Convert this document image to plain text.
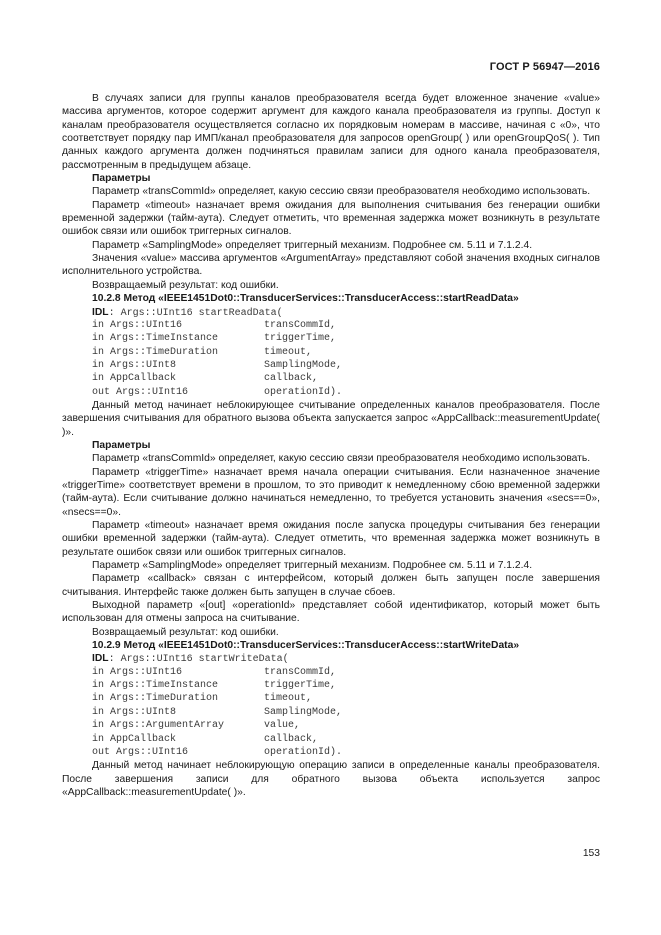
ГОСТ Р 56947—2016

В случаях записи для группы каналов преобразователя всегда будет вложенное значение «value» массива аргументов, которое содержит аргумент для каждого канала преобразователя из группы. Доступ к каналам преобразователя осуществляется согласно их порядковым номерам в массиве, начиная с «0», что соответствует порядку пар ИМП/канал преобразователя для запросов openGroup( ) или openGroupQoS( ). Тип данных каждого аргумента должен подчиняться правилам записи для одного канала преобразователя, рассмотренным в предыдущем абзаце.

Параметры

Параметр «transCommId» определяет, какую сессию связи преобразователя необходимо использовать.

Параметр «timeout» назначает время ожидания для выполнения считывания без генерации ошибки временной задержки (тайм-аута). Следует отметить, что временная задержка может возникнуть в результате ошибок связи или ошибок триггерных сигналов.

Параметр «SamplingMode» определяет триггерный механизм. Подробнее см. 5.11 и 7.1.2.4.

Значения «value» массива аргументов «ArgumentArray» представляют собой значения входных сигналов исполнительного устройства.

Возвращаемый результат: код ошибки.

10.2.8 Метод «IEEE1451Dot0::TransducerServices::TransducerAccess::startReadData»

IDL: Args::UInt16 startReadData(
in Args::UInt16	transCommId,
in Args::TimeInstance	triggerTime,
in Args::TimeDuration	timeout,
in Args::UInt8	SamplingMode,
in AppCallback	callback,
out Args::UInt16	operationId).

Данный метод начинает неблокирующее считывание определенных каналов преобразователя. После завершения считывания для обратного вызова объекта запускается запрос «AppCallback::measurementUpdate( )».

Параметры

Параметр «transCommId» определяет, какую сессию связи преобразователя необходимо использовать.

Параметр «triggerTime» назначает время начала операции считывания. Если назначенное значение «triggerTime» соответствует времени в прошлом, то это приводит к немедленному сбою временной задержки (тайм-аута). Если считывание должно начинаться немедленно, то требуется установить значения «secs==0», «nsecs==0».

Параметр «timeout» назначает время ожидания после запуска процедуры считывания без генерации ошибки временной задержки (тайм-аута). Следует отметить, что временная задержка может возникнуть в результате ошибок связи или ошибок триггерных сигналов.

Параметр «SamplingMode» определяет триггерный механизм. Подробнее см. 5.11 и 7.1.2.4.

Параметр «callback» связан с интерфейсом, который должен быть запущен после завершения считывания. Интерфейс также должен быть запущен в случае сбоев.

Выходной параметр «[out] «operationId» представляет собой идентификатор, который может быть использован для отмены запроса на считывание.

Возвращаемый результат: код ошибки.

10.2.9 Метод «IEEE1451Dot0::TransducerServices::TransducerAccess::startWriteData»

IDL: Args::UInt16 startWriteData(
in Args::UInt16	transCommId,
in Args::TimeInstance	triggerTime,
in Args::TimeDuration	timeout,
in Args::UInt8	SamplingMode,
in Args::ArgumentArray	value,
in AppCallback	callback,
out Args::UInt16	operationId).

Данный метод начинает неблокирующую операцию записи в определенные каналы преобразователя. После завершения записи для обратного вызова объекта используется запрос «AppCallback::measurementUpdate( )».

153
